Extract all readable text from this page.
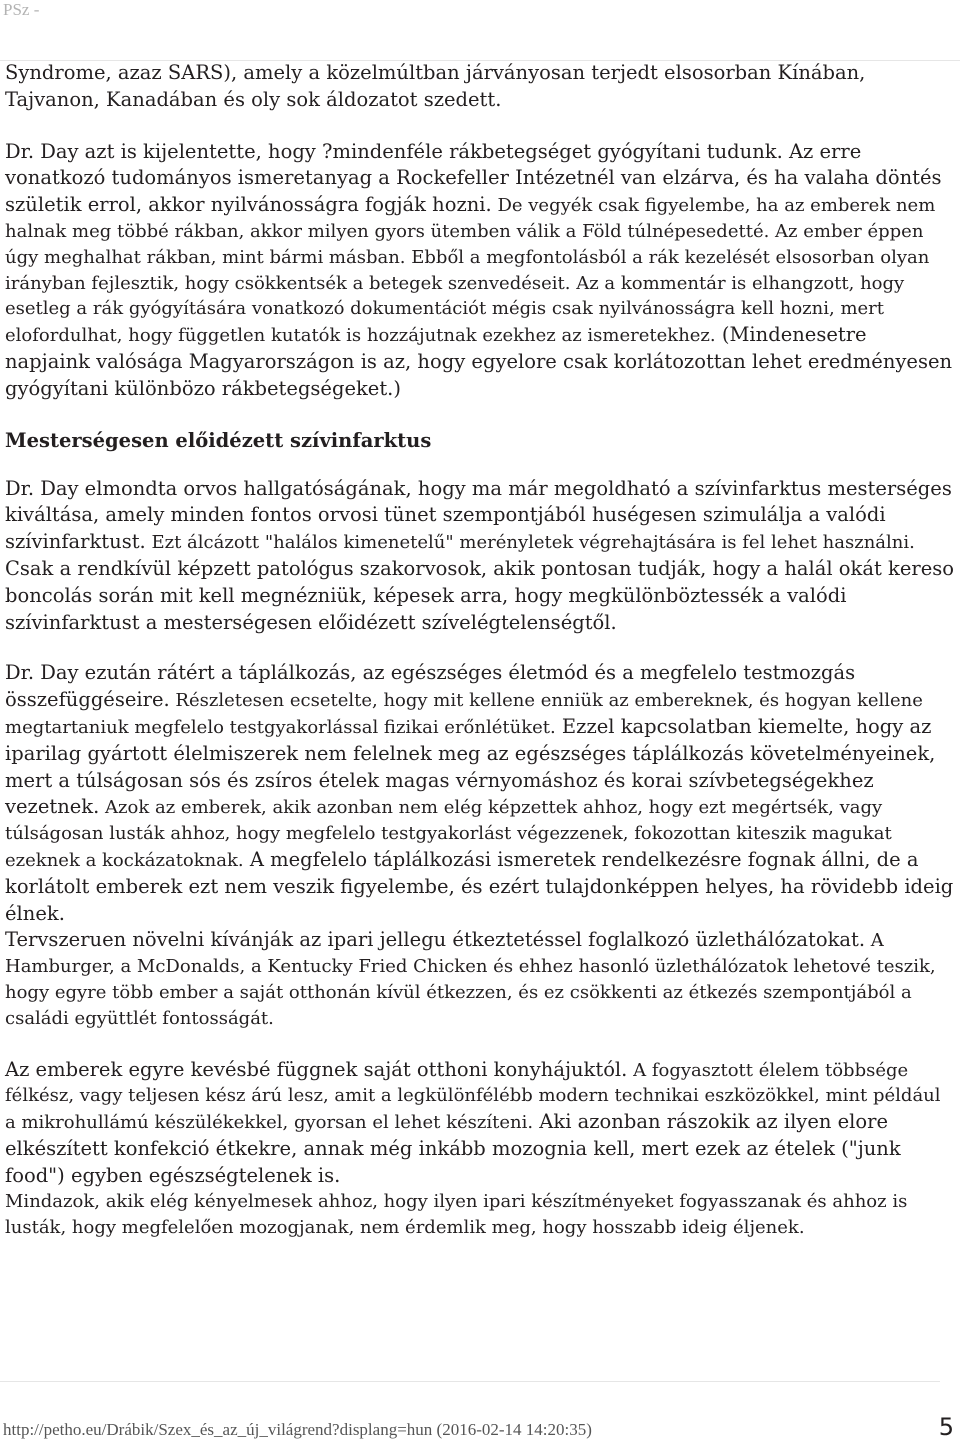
PSz -

Syndrome, azaz SARS), amely a közelmúltban járványosan terjedt elsosorban Kínában, Tajvanon, Kanadában és oly sok áldozatot szedett.

Dr. Day azt is kijelentette, hogy ?mindenféle rákbetegséget gyógyítani tudunk. Az erre vonatkozó tudományos ismeretanyag a Rockefeller Intézetnél van elzárva, és ha valaha döntés születik errol, akkor nyilvánosságra fogják hozni. De vegyék csak figyelembe, ha az emberek nem halnak meg többé rákban, akkor milyen gyors ütemben válik a Föld túlnépesedetté. Az ember éppen úgy meghalhat rákban, mint bármi másban. Ebből a megfontolásból a rák kezelését elsosorban olyan irányban fejlesztik, hogy csökkentsék a betegek szenvedéseit. Az a kommentár is elhangzott, hogy esetleg a rák gyógyítására vonatkozó dokumentációt mégis csak nyilvánosságra kell hozni, mert elofordulhat, hogy független kutatók is hozzájutnak ezekhez az ismeretekhez. (Mindenesetre napjaink valósága Magyarországon is az, hogy egyelore csak korlátozottan lehet eredményesen gyógyítani különbözo rákbetegségeket.)

Mesterségesen előidézett szívinfarktus

Dr. Day elmondta orvos hallgatóságának, hogy ma már megoldható a szívinfarktus mesterséges kiváltása, amely minden fontos orvosi tünet szempontjából huségesen szimulálja a valódi szívinfarktust. Ezt álcázott "halálos kimenetelű" merényletek végrehajtására is fel lehet használni. Csak a rendkívül képzett patológus szakorvosok, akik pontosan tudják, hogy a halál okát kereso boncolás során mit kell megnézniük, képesek arra, hogy megkülönböztessék a valódi szívinfarktust a mesterségesen előidézett szívelégtelenségtől.

Dr. Day ezután rátért a táplálkozás, az egészséges életmód és a megfelelo testmozgás összefüggéseire. Részletesen ecsetelte, hogy mit kellene enniük az embereknek, és hogyan kellene megtartaniuk megfelelo testgyakorlással fizikai erőnlétüket. Ezzel kapcsolatban kiemelte, hogy az iparilag gyártott élelmiszerek nem felelnek meg az egészséges táplálkozás követelményeinek, mert a túlságosan sós és zsíros ételek magas vérnyomáshoz és korai szívbetegségekhez vezetnek. Azok az emberek, akik azonban nem elég képzettek ahhoz, hogy ezt megértsék, vagy túlságosan lusták ahhoz, hogy megfelelo testgyakorlást végezzenek, fokozottan kiteszik magukat ezeknek a kockázatoknak. A megfelelo táplálkozási ismeretek rendelkezésre fognak állni, de a korlátolt emberek ezt nem veszik figyelembe, és ezért tulajdonképpen helyes, ha rövidebb ideig élnek.

Tervszeruen növelni kívánják az ipari jellegu étkeztetéssel foglalkozó üzlethálózatokat. A Hamburger, a McDonalds, a Kentucky Fried Chicken és ehhez hasonló üzlethálózatok lehetové teszik, hogy egyre több ember a saját otthonán kívül étkezzen, és ez csökkenti az étkezés szempontjából a családi együttlét fontosságát.

Az emberek egyre kevésbé függnek saját otthoni konyhájuktól. A fogyasztott élelem többsége félkész, vagy teljesen kész árú lesz, amit a legkülönfélébb modern technikai eszközökkel, mint például a mikrohullámú készülékekkel, gyorsan el lehet készíteni. Aki azonban rászokik az ilyen elore elkészített konfekció étkekre, annak még inkább mozognia kell, mert ezek az ételek ("junk food") egyben egészségtelenek is.

Mindazok, akik elég kényelmesek ahhoz, hogy ilyen ipari készítményeket fogyasszanak és ahhoz is lusták, hogy megfelelően mozogjanak, nem érdemlik meg, hogy hosszabb ideig éljenek.

http://petho.eu/Drábik/Szex_és_az_új_világrend?displang=hun (2016-02-14 14:20:35)	5
